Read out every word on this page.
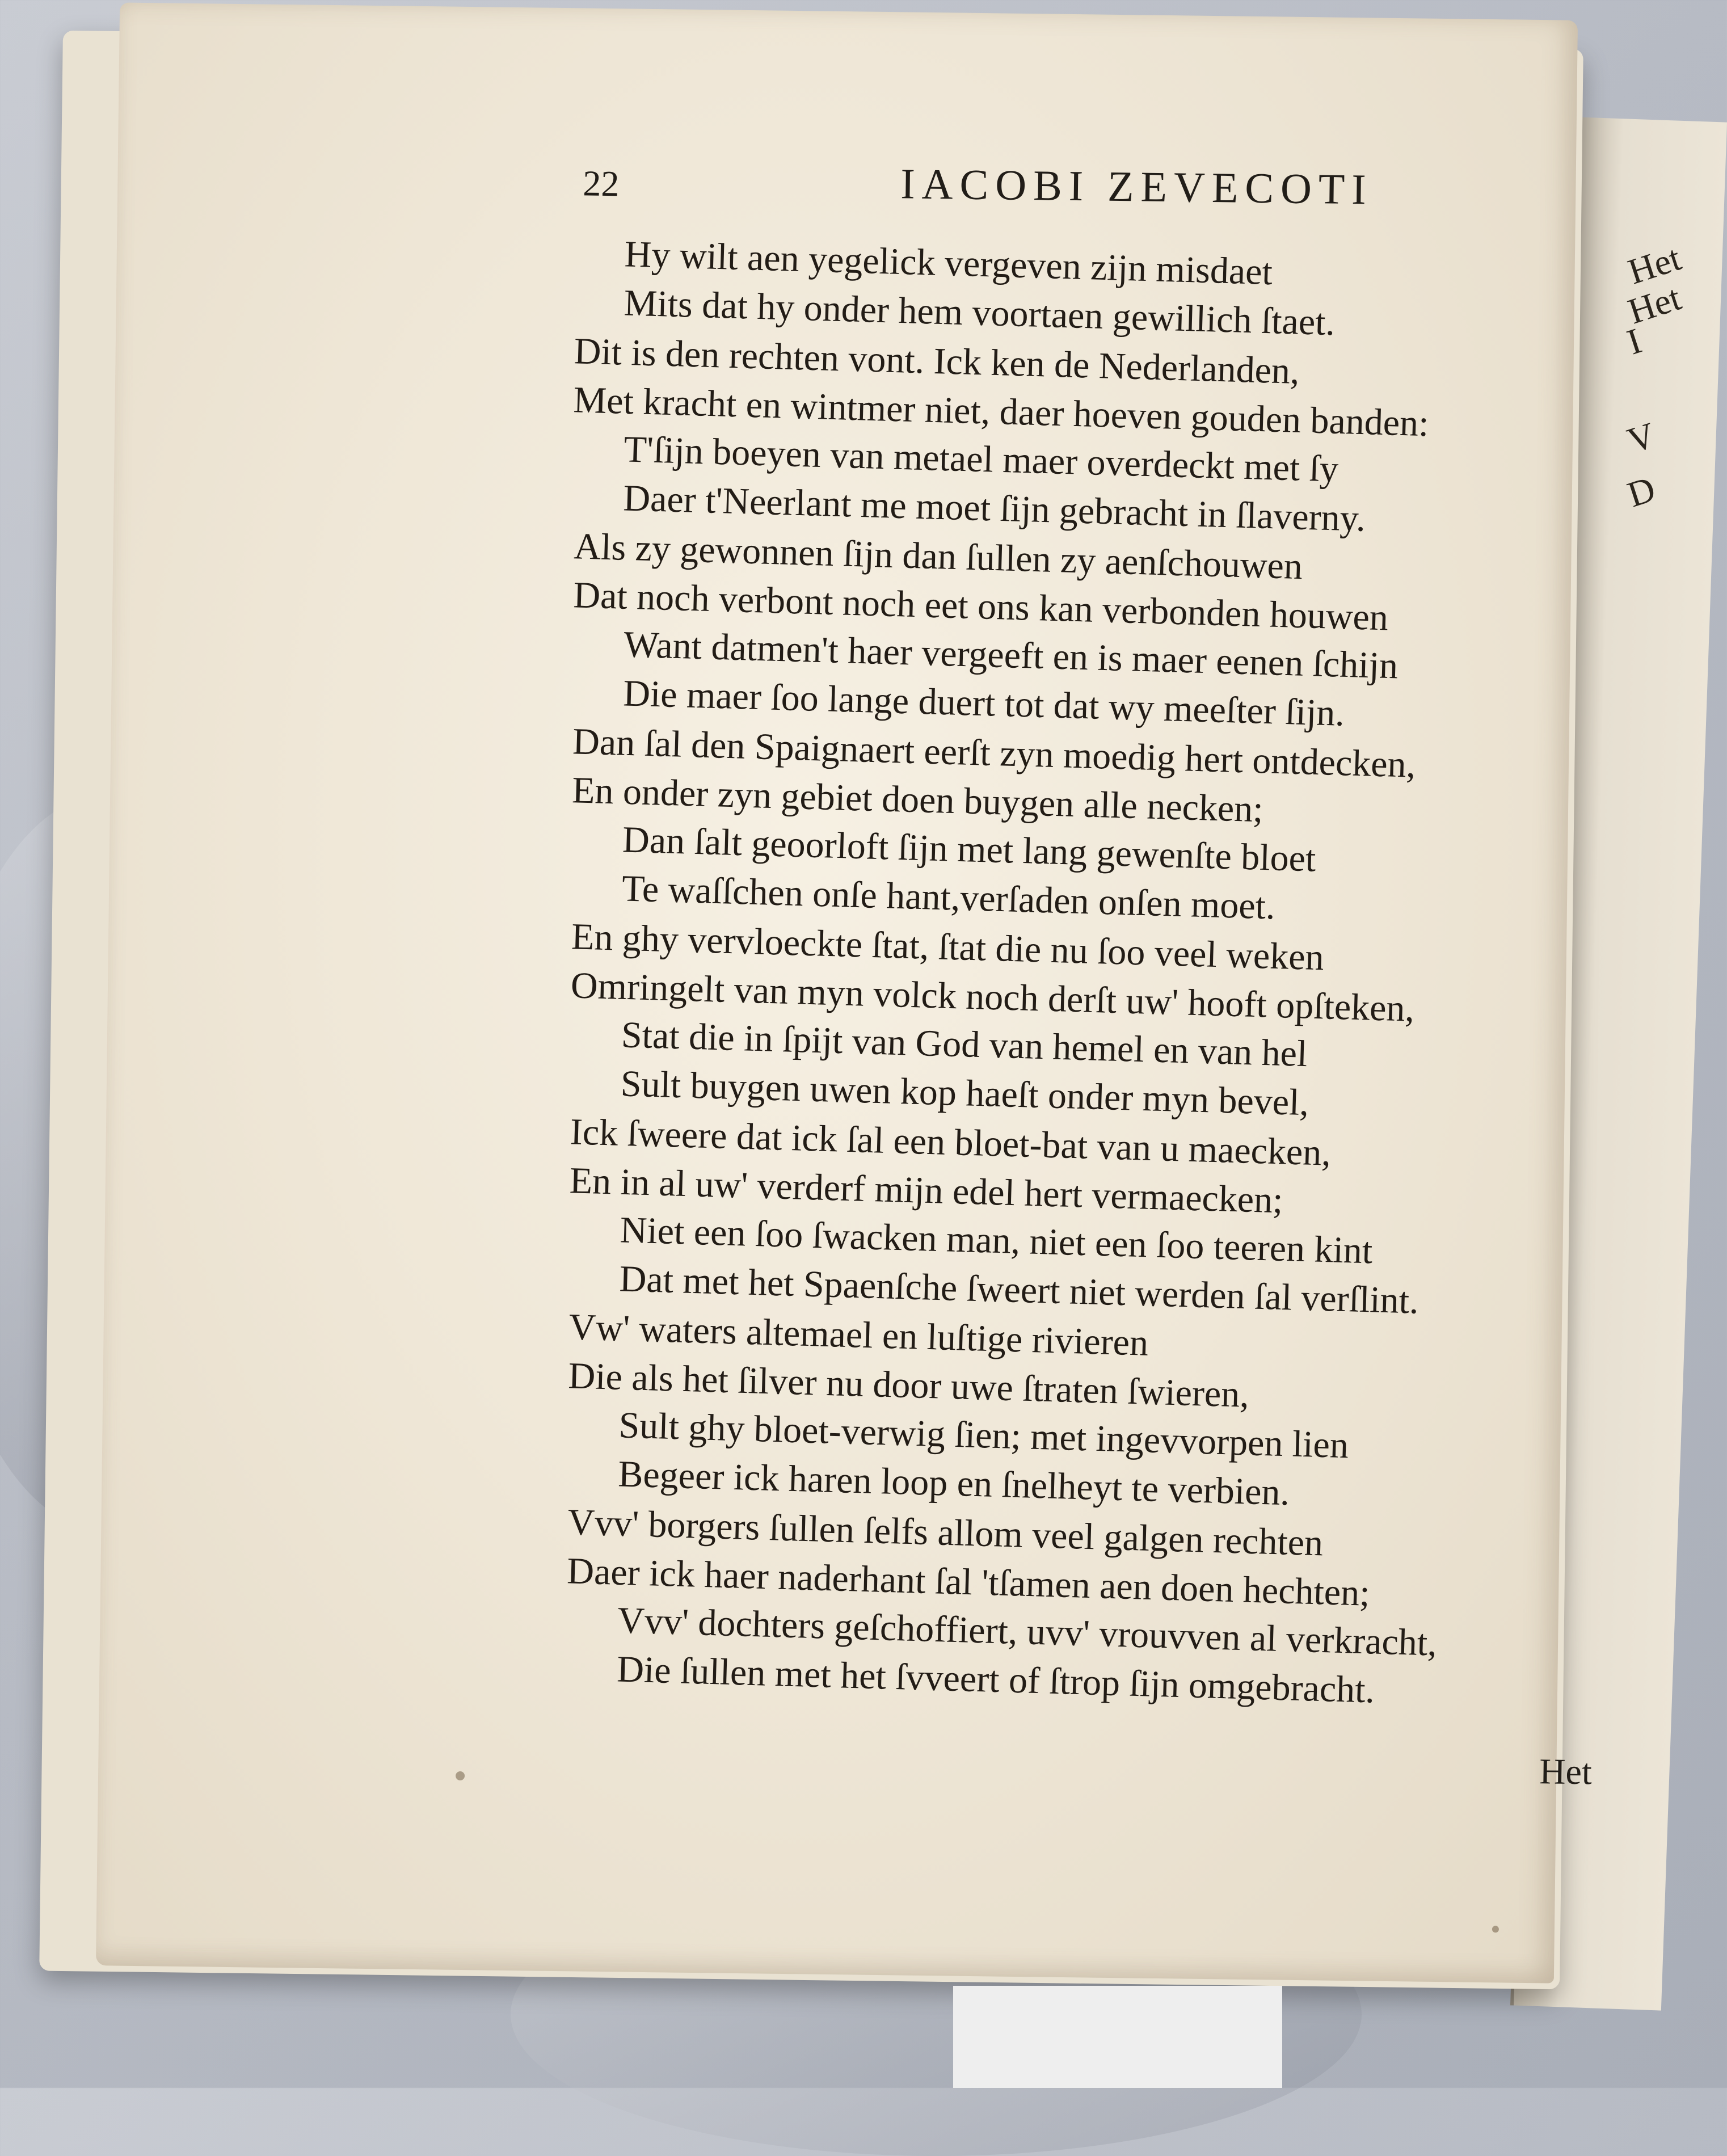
Het
Het
I
V
D
22	IACOBI ZEVECOTI
Hy wilt aen yegelick vergeven zijn misdaet
Mits dat hy onder hem voortaen gewillich ſtaet.
Dit is den rechten vont. Ick ken de Nederlanden,
Met kracht en wintmer niet, daer hoeven gouden banden:
T'ſijn boeyen van metael maer overdeckt met ſy
Daer t'Neerlant me moet ſijn gebracht in ſlaverny.
Als zy gewonnen ſijn dan ſullen zy aenſchouwen
Dat noch verbont noch eet ons kan verbonden houwen
Want datmen't haer vergeeft en is maer eenen ſchijn
Die maer ſoo lange duert tot dat wy meeſter ſijn.
Dan ſal den Spaignaert eerſt zyn moedig hert ontdecken,
En onder zyn gebiet doen buygen alle necken;
Dan ſalt geoorloft ſijn met lang gewenſte bloet
Te waſſchen onſe hant,verſaden onſen moet.
En ghy vervloeckte ſtat, ſtat die nu ſoo veel weken
Omringelt van myn volck noch derſt uw' hooft opſteken,
Stat die in ſpijt van God van hemel en van hel
Sult buygen uwen kop haeſt onder myn bevel,
Ick ſweere dat ick ſal een bloet-bat van u maecken,
En in al uw' verderf mijn edel hert vermaecken;
Niet een ſoo ſwacken man, niet een ſoo teeren kint
Dat met het Spaenſche ſweert niet werden ſal verſlint.
Vw' waters altemael en luſtige rivieren
Die als het ſilver nu door uwe ſtraten ſwieren,
Sult ghy bloet-verwig ſien; met ingevvorpen lien
Begeer ick haren loop en ſnelheyt te verbien.
Vvv' borgers ſullen ſelfs allom veel galgen rechten
Daer ick haer naderhant ſal 'tſamen aen doen hechten;
Vvv' dochters geſchoffiert, uvv' vrouvven al verkracht,
Die ſullen met het ſvveert of ſtrop ſijn omgebracht.
Het
